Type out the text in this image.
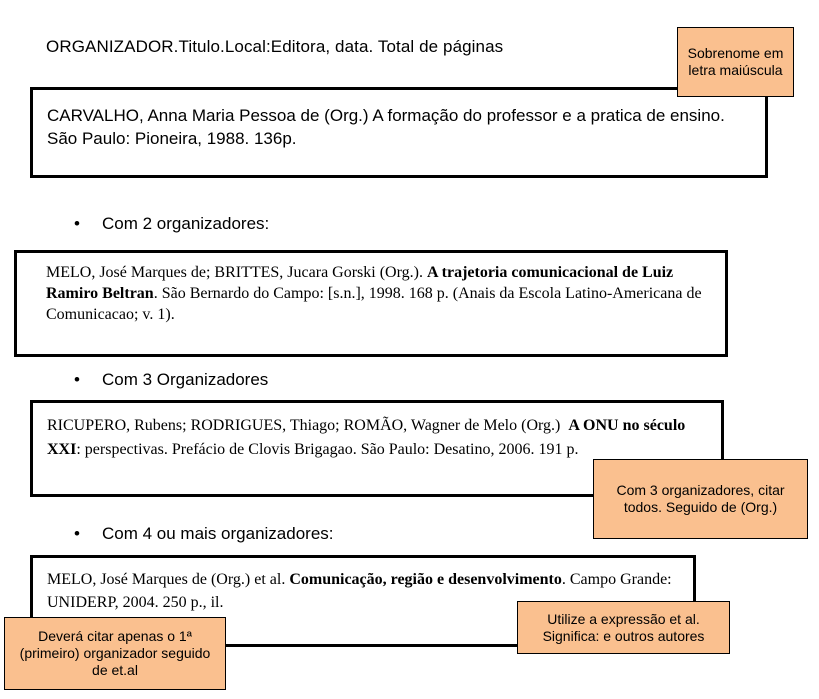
ORGANIZADOR.Titulo.Local:Editora, data. Total de páginas
CARVALHO, Anna Maria Pessoa de (Org.) A formação do professor e a pratica de ensino. São Paulo: Pioneira, 1988. 136p.
• Com 2 organizadores:
MELO, José Marques de; BRITTES, Jucara Gorski (Org.). A trajetoria comunicacional de Luiz Ramiro Beltran. São Bernardo do Campo: [s.n.], 1998. 168 p. (Anais da Escola Latino-Americana de Comunicacao; v. 1).
• Com 3 Organizadores
RICUPERO, Rubens; RODRIGUES, Thiago; ROMÃO, Wagner de Melo (Org.) A ONU no século XXI: perspectivas. Prefácio de Clovis Brigagao. São Paulo: Desatino, 2006. 191 p.
• Com 4 ou mais organizadores:
MELO, José Marques de (Org.) et al. Comunicação, região e desenvolvimento. Campo Grande: UNIDERP, 2004. 250 p., il.
Sobrenome em letra maiúscula
Com 3 organizadores, citar todos. Seguido de (Org.)
Utilize a expressão et al. Significa: e outros autores
Deverá citar apenas o 1ª (primeiro) organizador seguido de et.al
